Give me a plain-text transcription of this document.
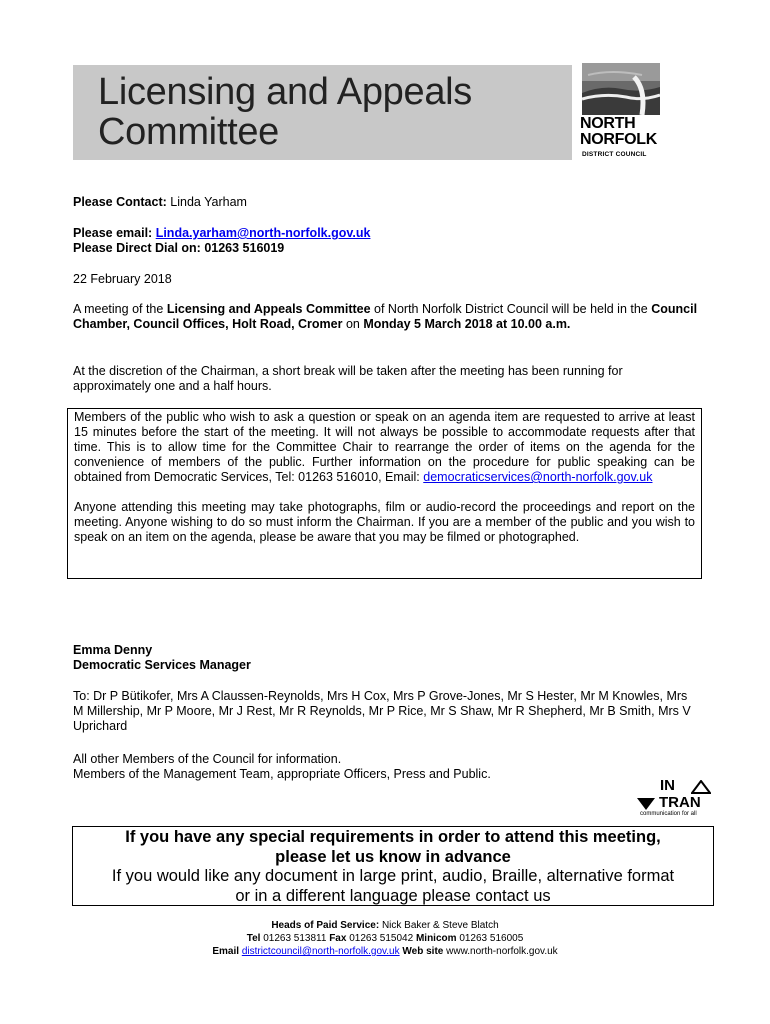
Licensing and Appeals
Committee	NORTH
NORFOLK
DISTRICT COUNCIL
Please Contact: Linda Yarham
Please email: Linda.yarham@north-norfolk.gov.uk
Please Direct Dial on: 01263 516019
22 February 2018
A meeting of the Licensing and Appeals Committee of North Norfolk District Council will be held in the Council Chamber, Council Offices, Holt Road, Cromer on Monday 5 March 2018 at 10.00 a.m.
At the discretion of the Chairman, a short break will be taken after the meeting has been running for approximately one and a half hours.

Members of the public who wish to ask a question or speak on an agenda item are requested to arrive at least 15 minutes before the start of the meeting. It will not always be possible to accommodate requests after that time. This is to allow time for the Committee Chair to rearrange the order of items on the agenda for the convenience of members of the public. Further information on the procedure for public speaking can be obtained from Democratic Services, Tel: 01263 516010, Email: democraticservices@north-norfolk.gov.uk

Anyone attending this meeting may take photographs, film or audio-record the proceedings and report on the meeting. Anyone wishing to do so must inform the Chairman. If you are a member of the public and you wish to speak on an item on the agenda, please be aware that you may be filmed or photographed.

Emma Denny
Democratic Services Manager
To: Dr P Bütikofer, Mrs A Claussen-Reynolds, Mrs H Cox, Mrs P Grove-Jones, Mr S Hester, Mr M Knowles, Mrs M Millership, Mr P Moore, Mr J Rest, Mr R Reynolds, Mr P Rice, Mr S Shaw, Mr R Shepherd, Mr B Smith, Mrs V Uprichard
All other Members of the Council for information.
Members of the Management Team, appropriate Officers, Press and Public.
IN
TRAN
communication for all
If you have any special requirements in order to attend this meeting,
please let us know in advance
If you would like any document in large print, audio, Braille, alternative format
or in a different language please contact us
Heads of Paid Service: Nick Baker & Steve Blatch
Tel 01263 513811 Fax 01263 515042 Minicom 01263 516005
Email districtcouncil@north-norfolk.gov.uk Web site www.north-norfolk.gov.uk
